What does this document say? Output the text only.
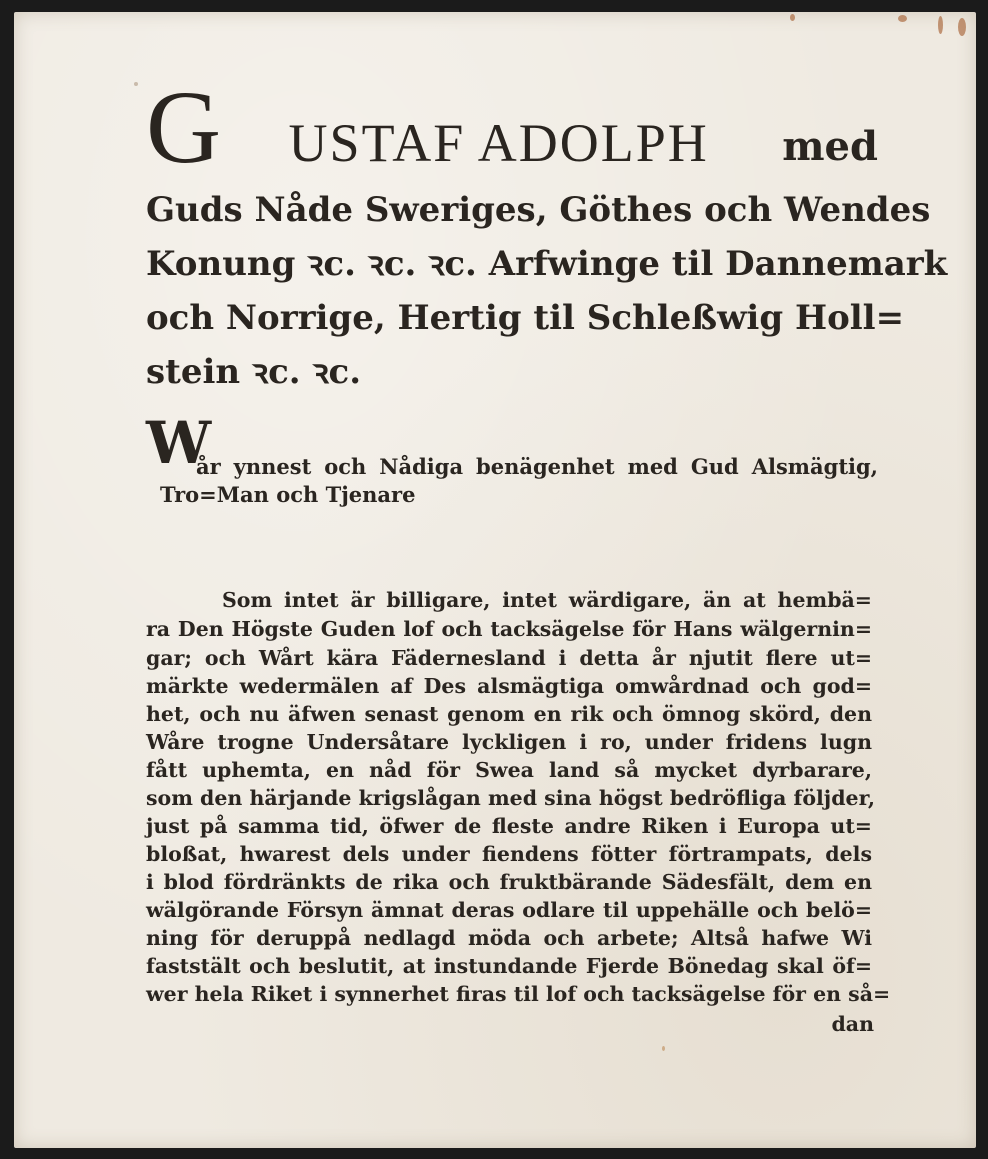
G USTAF ADOLPH med
Guds Nåde Sweriges, Göthes och Wendes
Konung ꝛc. ꝛc. ꝛc. Arfwinge til Dannemark
och Norrige, Hertig til Schleßwig Holl=
stein ꝛc. ꝛc.
W
år ynnest och Nådiga benägenhet med Gud Alsmägtig,
Tro=Man och Tjenare
Som intet är billigare, intet wärdigare, än at hembä=
ra Den Högste Guden lof och tacksägelse för Hans wälgernin=
gar; och Wårt kära Fädernesland i detta år njutit flere ut=
märkte wedermälen af Des alsmägtiga omwårdnad och god=
het, och nu äfwen senast genom en rik och ömnog skörd, den
Wåre trogne Undersåtare lyckligen i ro, under fridens lugn
fått uphemta, en nåd för Swea land så mycket dyrbarare,
som den härjande krigslågan med sina högst bedröfliga följder,
just på samma tid, öfwer de fleste andre Riken i Europa ut=
bloßat, hwarest dels under fiendens fötter förtrampats, dels
i blod fördränkts de rika och fruktbärande Sädesfält, dem en
wälgörande Försyn ämnat deras odlare til uppehälle och belö=
ning för deruppå nedlagd möda och arbete; Altså hafwe Wi
faststält och beslutit, at instundande Fjerde Bönedag skal öf=
wer hela Riket i synnerhet firas til lof och tacksägelse för en så=
dan
